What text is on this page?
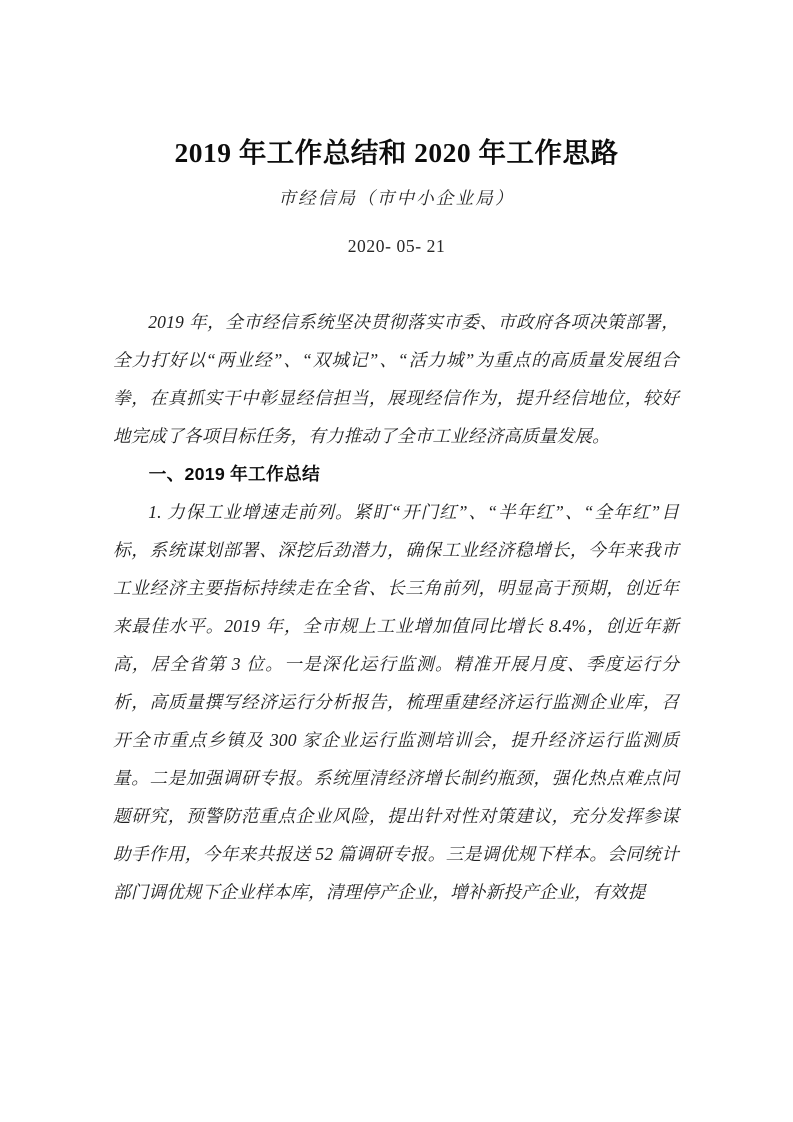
2019 年工作总结和 2020 年工作思路
市经信局（市中小企业局）
2020- 05- 21

2019 年，全市经信系统坚决贯彻落实市委、市政府各项决策部署，全力打好以“两业经”、“双城记”、“活力城”为重点的高质量发展组合拳，在真抓实干中彰显经信担当，展现经信作为，提升经信地位，较好地完成了各项目标任务，有力推动了全市工业经济高质量发展。

一、2019 年工作总结

1. 力保工业增速走前列。紧盯“开门红”、“半年红”、“全年红”目标，系统谋划部署、深挖后劲潜力，确保工业经济稳增长，今年来我市工业经济主要指标持续走在全省、长三角前列，明显高于预期，创近年来最佳水平。2019 年，全市规上工业增加值同比增长 8.4%，创近年新高，居全省第 3 位。一是深化运行监测。精准开展月度、季度运行分析，高质量撰写经济运行分析报告，梳理重建经济运行监测企业库，召开全市重点乡镇及 300 家企业运行监测培训会，提升经济运行监测质量。二是加强调研专报。系统厘清经济增长制约瓶颈，强化热点难点问题研究，预警防范重点企业风险，提出针对性对策建议，充分发挥参谋助手作用，今年来共报送 52 篇调研专报。三是调优规下样本。会同统计部门调优规下企业样本库，清理停产企业，增补新投产企业，有效提
